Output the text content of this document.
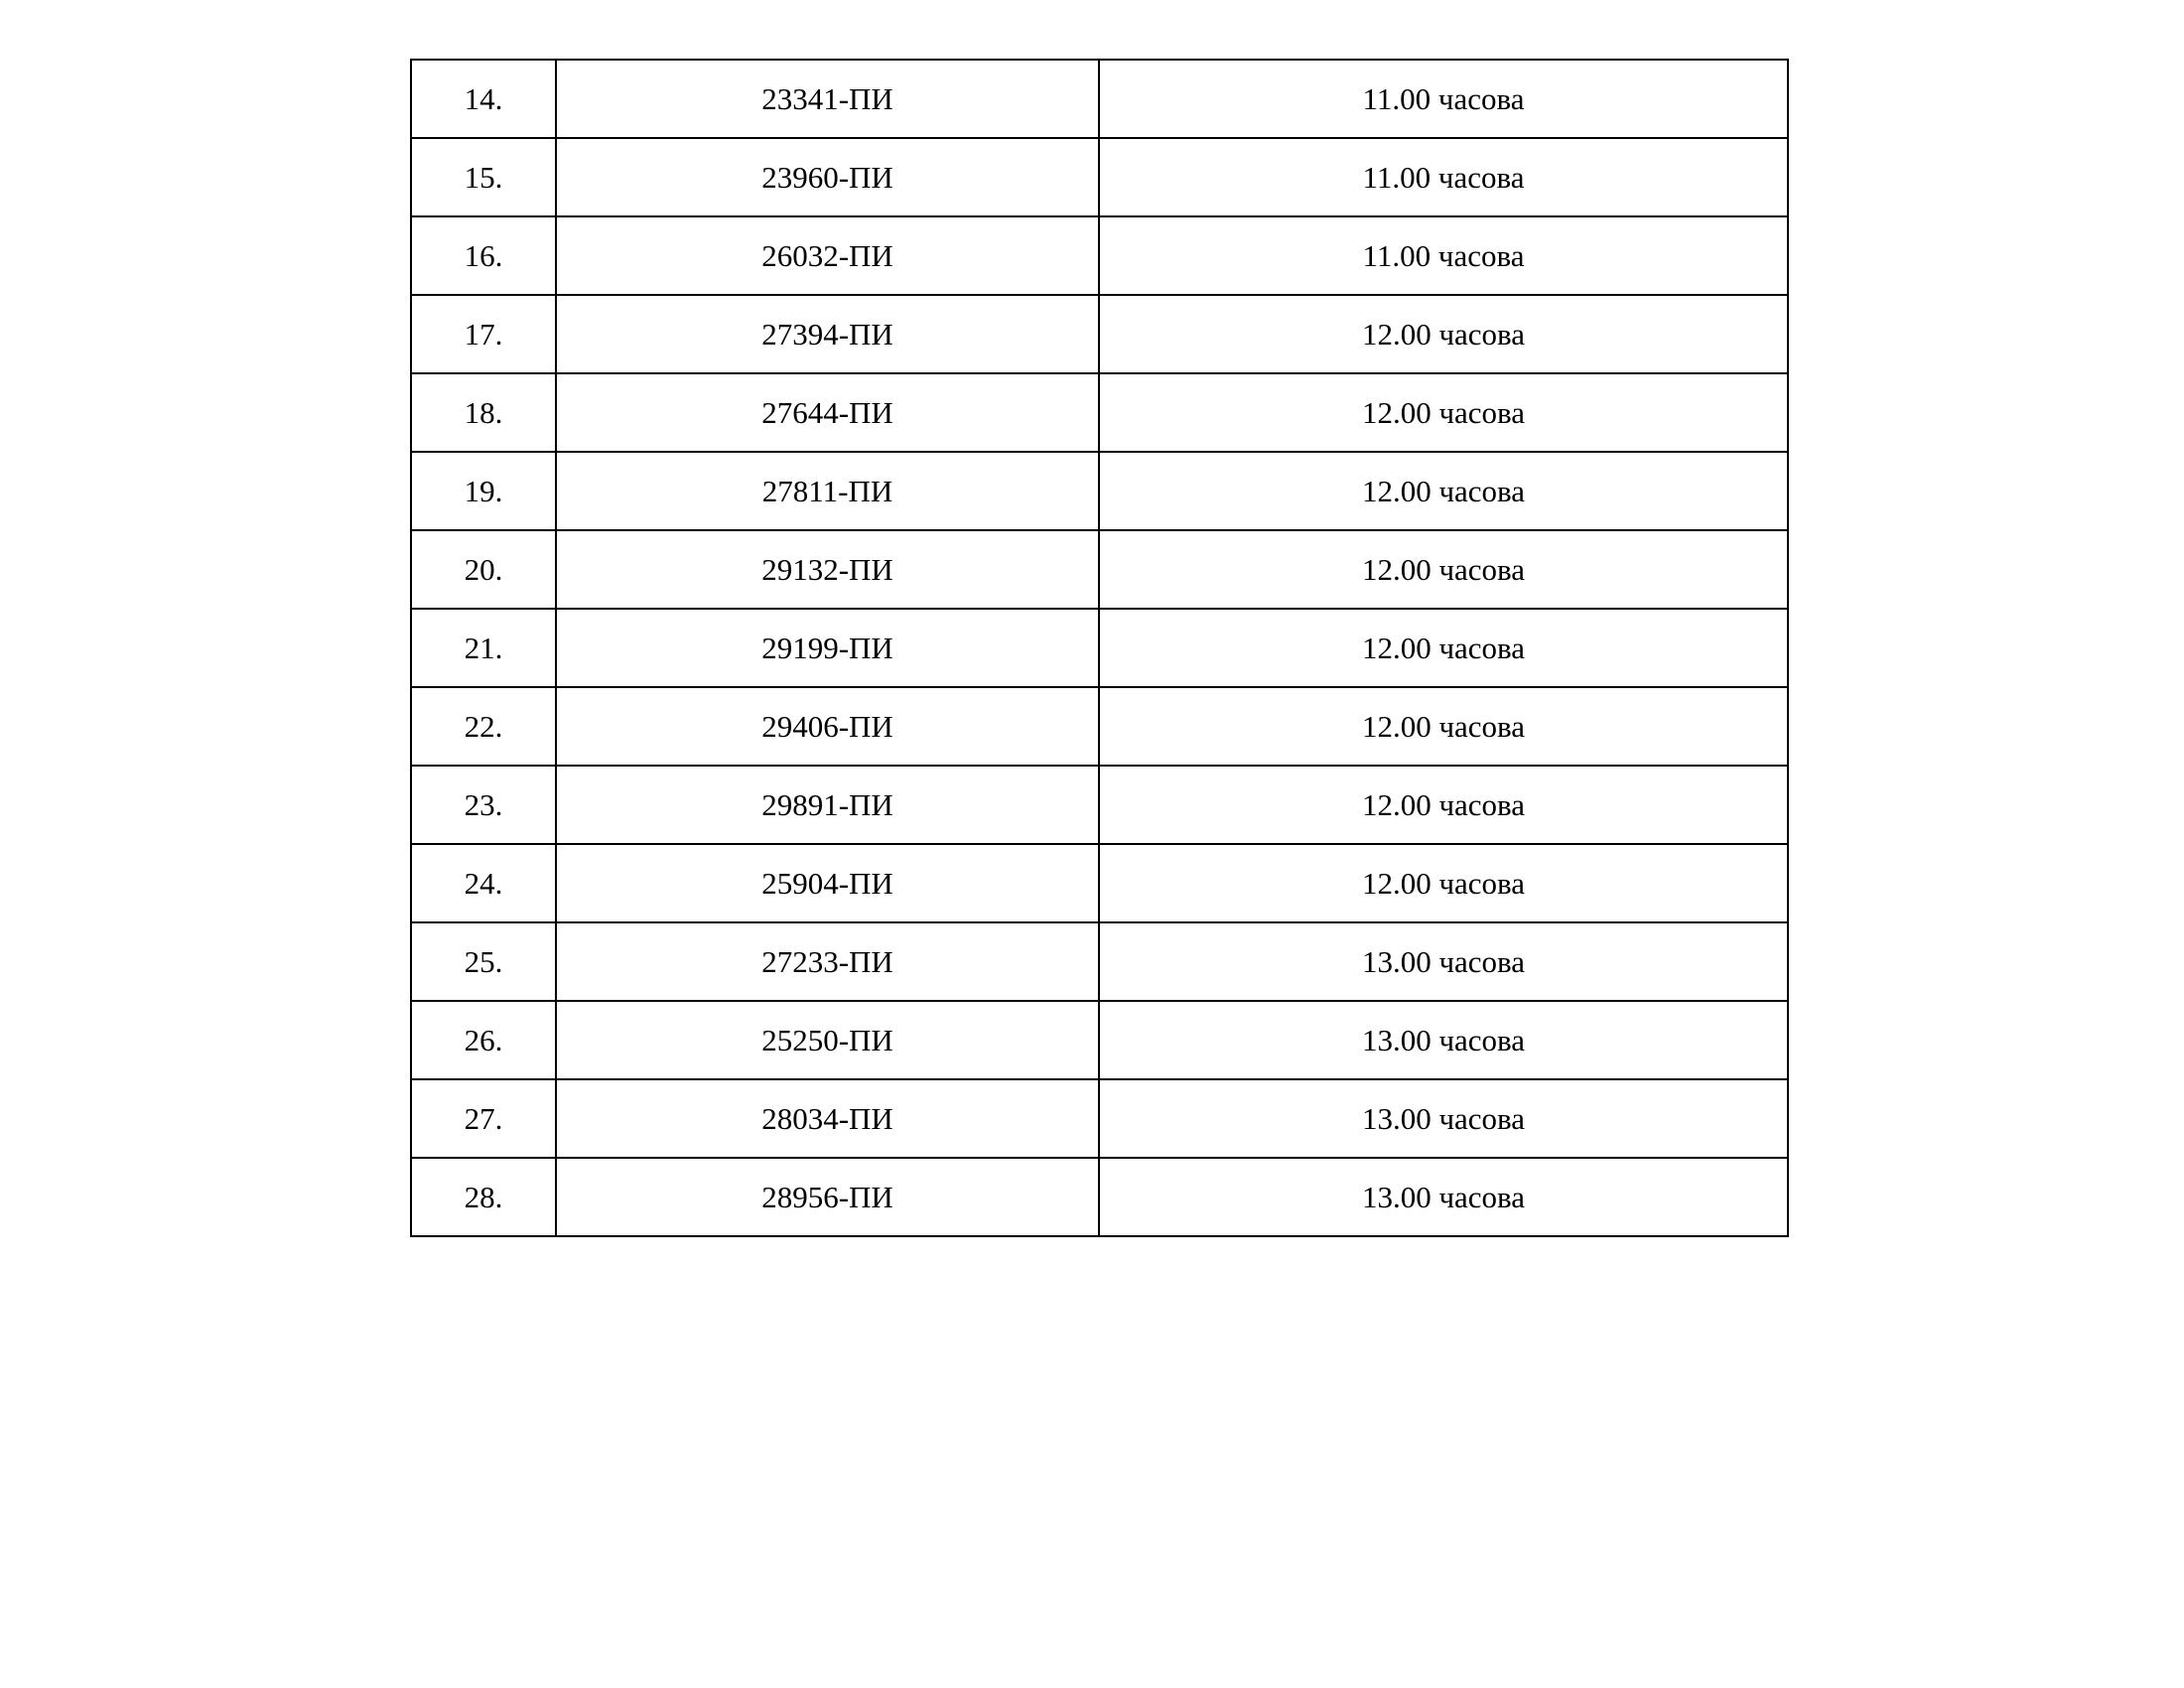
14.	23341-ПИ	11.00 часова
15.	23960-ПИ	11.00 часова
16.	26032-ПИ	11.00 часова
17.	27394-ПИ	12.00 часова
18.	27644-ПИ	12.00 часова
19.	27811-ПИ	12.00 часова
20.	29132-ПИ	12.00 часова
21.	29199-ПИ	12.00 часова
22.	29406-ПИ	12.00 часова
23.	29891-ПИ	12.00 часова
24.	25904-ПИ	12.00 часова
25.	27233-ПИ	13.00 часова
26.	25250-ПИ	13.00 часова
27.	28034-ПИ	13.00 часова
28.	28956-ПИ	13.00 часова
